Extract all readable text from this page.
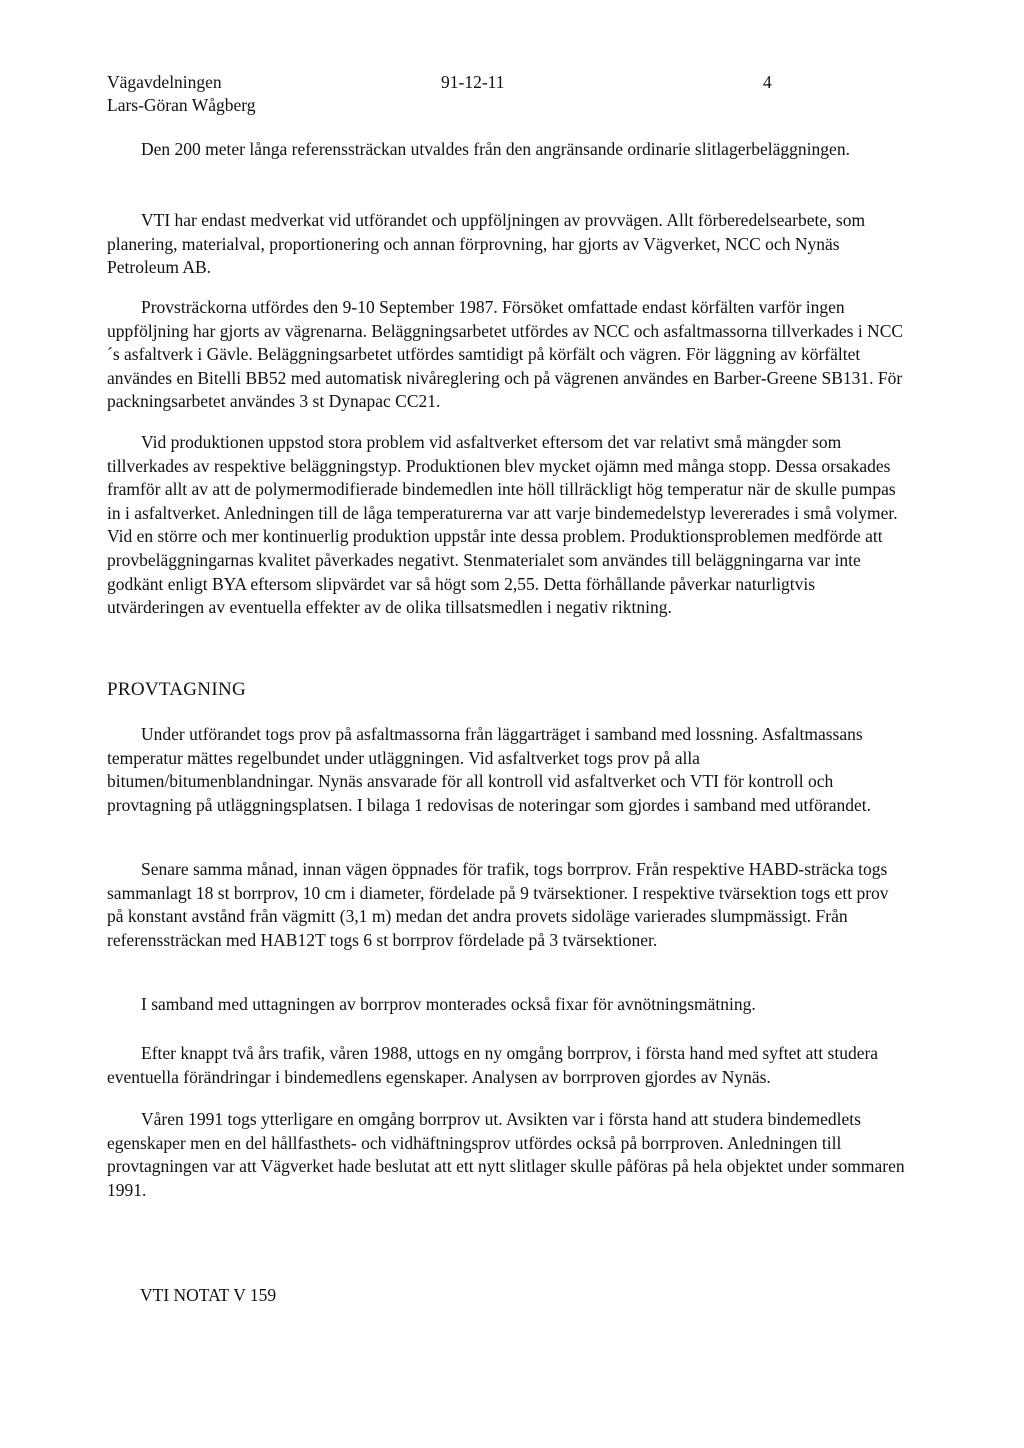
Vägavdelningen
Lars-Göran Wågberg
91-12-11	4

Den 200 meter långa referenssträckan utvaldes från den angränsande ordinarie slitlagerbeläggningen.

VTI har endast medverkat vid utförandet och uppföljningen av provvägen. Allt förberedelsearbete, som planering, materialval, proportionering och annan förprovning, har gjorts av Vägverket, NCC och Nynäs Petroleum AB.

Provsträckorna utfördes den 9-10 September 1987. Försöket omfattade endast körfälten varför ingen uppföljning har gjorts av vägrenarna. Beläggningsarbetet utfördes av NCC och asfaltmassorna tillverkades i NCC´s asfaltverk i Gävle. Beläggningsarbetet utfördes samtidigt på körfält och vägren. För läggning av körfältet användes en Bitelli BB52 med automatisk nivåreglering och på vägrenen användes en Barber-Greene SB131. För packningsarbetet användes 3 st Dynapac CC21.

Vid produktionen uppstod stora problem vid asfaltverket eftersom det var relativt små mängder som tillverkades av respektive beläggningstyp. Produktionen blev mycket ojämn med många stopp. Dessa orsakades framför allt av att de polymermodifierade bindemedlen inte höll tillräckligt hög temperatur när de skulle pumpas in i asfaltverket. Anledningen till de låga temperaturerna var att varje bindemedelstyp levererades i små volymer. Vid en större och mer kontinuerlig produktion uppstår inte dessa problem. Produktionsproblemen medförde att provbeläggningarnas kvalitet påverkades negativt. Stenmaterialet som användes till beläggningarna var inte godkänt enligt BYA eftersom slipvärdet var så högt som 2,55. Detta förhållande påverkar naturligtvis utvärderingen av eventuella effekter av de olika tillsatsmedlen i negativ riktning.

PROVTAGNING

Under utförandet togs prov på asfaltmassorna från läggarträget i samband med lossning. Asfaltmassans temperatur mättes regelbundet under utläggningen. Vid asfaltverket togs prov på alla bitumen/bitumenblandningar. Nynäs ansvarade för all kontroll vid asfaltverket och VTI för kontroll och provtagning på utläggningsplatsen. I bilaga 1 redovisas de noteringar som gjordes i samband med utförandet.

Senare samma månad, innan vägen öppnades för trafik, togs borrprov. Från respektive HABD-sträcka togs sammanlagt 18 st borrprov, 10 cm i diameter, fördelade på 9 tvärsektioner. I respektive tvärsektion togs ett prov på konstant avstånd från vägmitt (3,1 m) medan det andra provets sidoläge varierades slumpmässigt. Från referenssträckan med HAB12T togs 6 st borrprov fördelade på 3 tvärsektioner.

I samband med uttagningen av borrprov monterades också fixar för avnötningsmätning.

Efter knappt två års trafik, våren 1988, uttogs en ny omgång borrprov, i första hand med syftet att studera eventuella förändringar i bindemedlens egenskaper. Analysen av borrproven gjordes av Nynäs.

Våren 1991 togs ytterligare en omgång borrprov ut. Avsikten var i första hand att studera bindemedlets egenskaper men en del hållfasthets- och vidhäftningsprov utfördes också på borrproven. Anledningen till provtagningen var att Vägverket hade beslutat att ett nytt slitlager skulle påföras på hela objektet under sommaren 1991.

VTI NOTAT V 159
